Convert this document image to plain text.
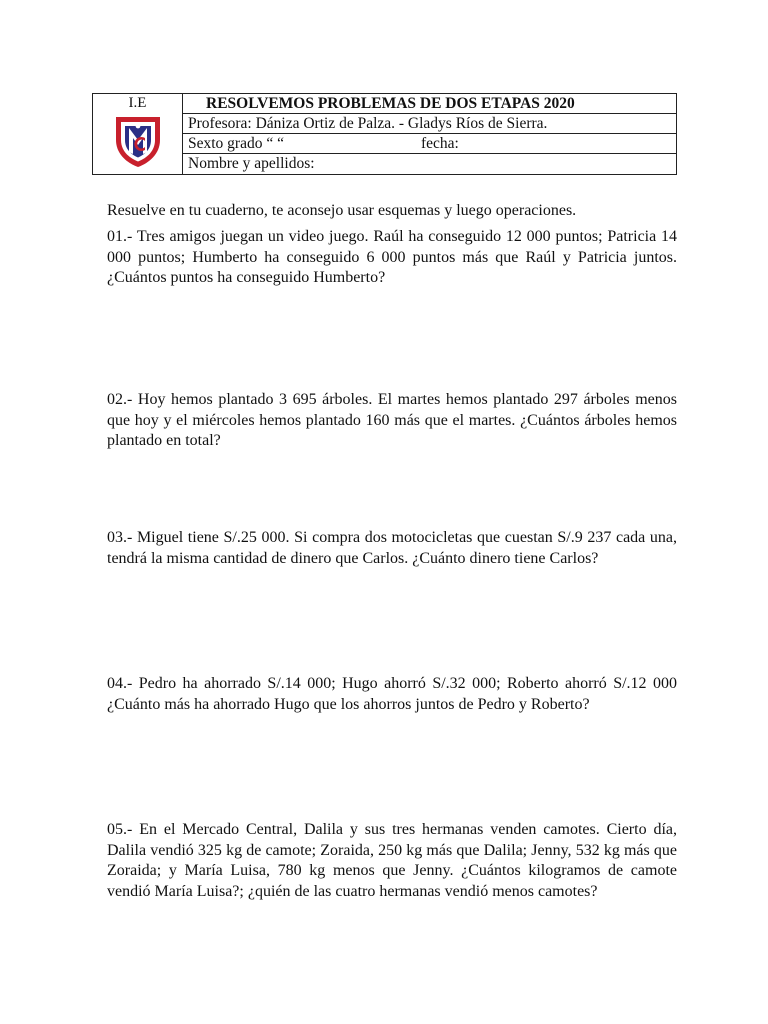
I.E	RESOLVEMOS PROBLEMAS DE DOS ETAPAS 2020
Profesora: Dániza Ortiz de Palza. - Gladys Ríos de Sierra.
Sexto grado “ “	fecha:
Nombre y apellidos:
Resuelve en tu cuaderno, te aconsejo usar esquemas y luego operaciones.
01.- Tres amigos juegan un video juego. Raúl ha conseguido 12 000 puntos; Patricia 14 000 puntos; Humberto ha conseguido 6 000 puntos más que Raúl y Patricia juntos. ¿Cuántos puntos ha conseguido Humberto?
02.- Hoy hemos plantado 3 695 árboles. El martes hemos plantado 297 árboles menos que hoy y el miércoles hemos plantado 160 más que el martes. ¿Cuántos árboles hemos plantado en total?
03.- Miguel tiene S/.25 000. Si compra dos motocicletas que cuestan S/.9 237 cada una, tendrá la misma cantidad de dinero que Carlos. ¿Cuánto dinero tiene Carlos?
04.- Pedro ha ahorrado S/.14 000; Hugo ahorró S/.32 000; Roberto ahorró S/.12 000 ¿Cuánto más ha ahorrado Hugo que los ahorros juntos de Pedro y Roberto?
05.- En el Mercado Central, Dalila y sus tres hermanas venden camotes. Cierto día, Dalila vendió 325 kg de camote; Zoraida, 250 kg más que Dalila; Jenny, 532 kg más que Zoraida; y María Luisa, 780 kg menos que Jenny. ¿Cuántos kilogramos de camote vendió María Luisa?; ¿quién de las cuatro hermanas vendió menos camotes?
